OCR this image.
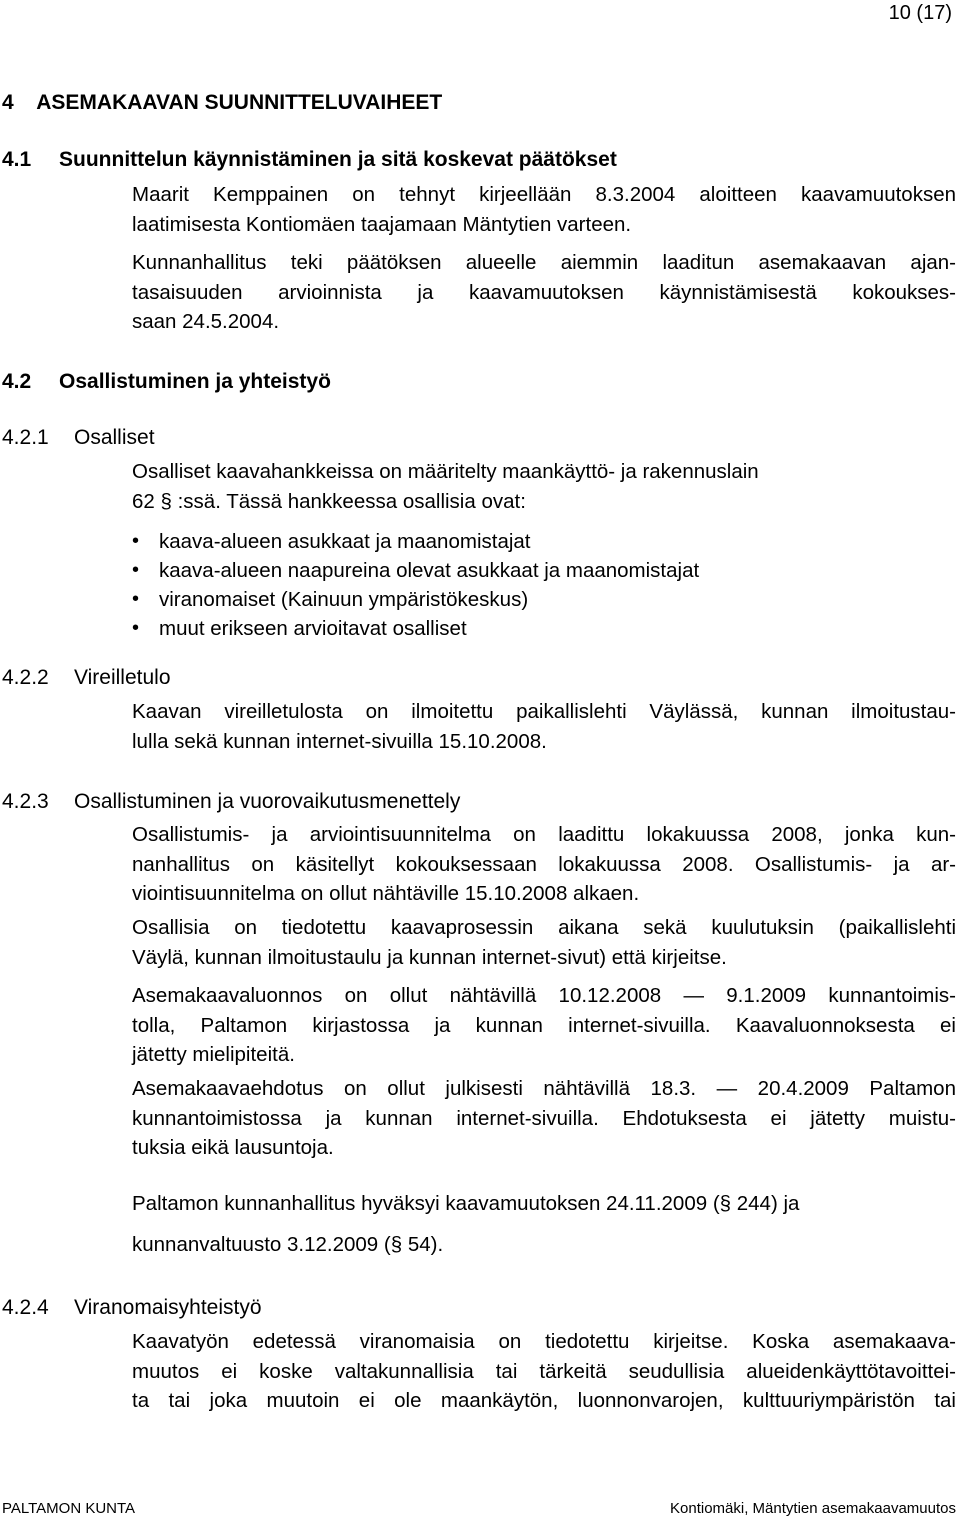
10 (17)
4    ASEMAKAAVAN SUUNNITTELUVAIHEET
4.1 Suunnittelun käynnistäminen ja sitä koskevat päätökset
Maarit Kemppainen on tehnyt kirjeellään 8.3.2004 aloitteen kaavamuutoksen
laatimisesta Kontiomäen taajamaan Mäntytien varteen.
Kunnanhallitus teki päätöksen alueelle aiemmin laaditun asemakaavan ajan-
tasaisuuden arvioinnista ja kaavamuutoksen käynnistämisestä kokoukses-
saan 24.5.2004.
4.2 Osallistuminen ja yhteistyö
4.2.1 Osalliset
Osalliset kaavahankkeissa on määritelty maankäyttö- ja rakennuslain
62 § :ssä. Tässä hankkeessa osallisia ovat:
• kaava-alueen asukkaat ja maanomistajat
• kaava-alueen naapureina olevat asukkaat ja maanomistajat
• viranomaiset (Kainuun ympäristökeskus)
• muut erikseen arvioitavat osalliset
4.2.2 Vireilletulo
Kaavan vireilletulosta on ilmoitettu paikallislehti Väylässä, kunnan ilmoitustau-
lulla sekä kunnan internet-sivuilla 15.10.2008.
4.2.3 Osallistuminen ja vuorovaikutusmenettely
Osallistumis- ja arviointisuunnitelma on laadittu lokakuussa 2008, jonka kun-
nanhallitus on käsitellyt kokouksessaan lokakuussa 2008. Osallistumis- ja ar-
viointisuunnitelma on ollut nähtäville 15.10.2008 alkaen.
Osallisia on tiedotettu kaavaprosessin aikana sekä kuulutuksin (paikallislehti
Väylä, kunnan ilmoitustaulu ja kunnan internet-sivut) että kirjeitse.
Asemakaavaluonnos on ollut nähtävillä 10.12.2008 — 9.1.2009 kunnantoimis-
tolla, Paltamon kirjastossa ja kunnan internet-sivuilla. Kaavaluonnoksesta ei
jätetty mielipiteitä.
Asemakaavaehdotus on ollut julkisesti nähtävillä 18.3. — 20.4.2009 Paltamon
kunnantoimistossa ja kunnan internet-sivuilla. Ehdotuksesta ei jätetty muistu-
tuksia eikä lausuntoja.
Paltamon kunnanhallitus hyväksyi kaavamuutoksen 24.11.2009 (§ 244) ja
kunnanvaltuusto 3.12.2009 (§ 54).
4.2.4 Viranomaisyhteistyö
Kaavatyön edetessä viranomaisia on tiedotettu kirjeitse. Koska asemakaava-
muutos ei koske valtakunnallisia tai tärkeitä seudullisia alueidenkäyttötavoittei-
ta tai joka muutoin ei ole maankäytön, luonnonvarojen, kulttuuriympäristön tai
PALTAMON KUNTA	Kontiomäki, Mäntytien asemakaavamuutos
